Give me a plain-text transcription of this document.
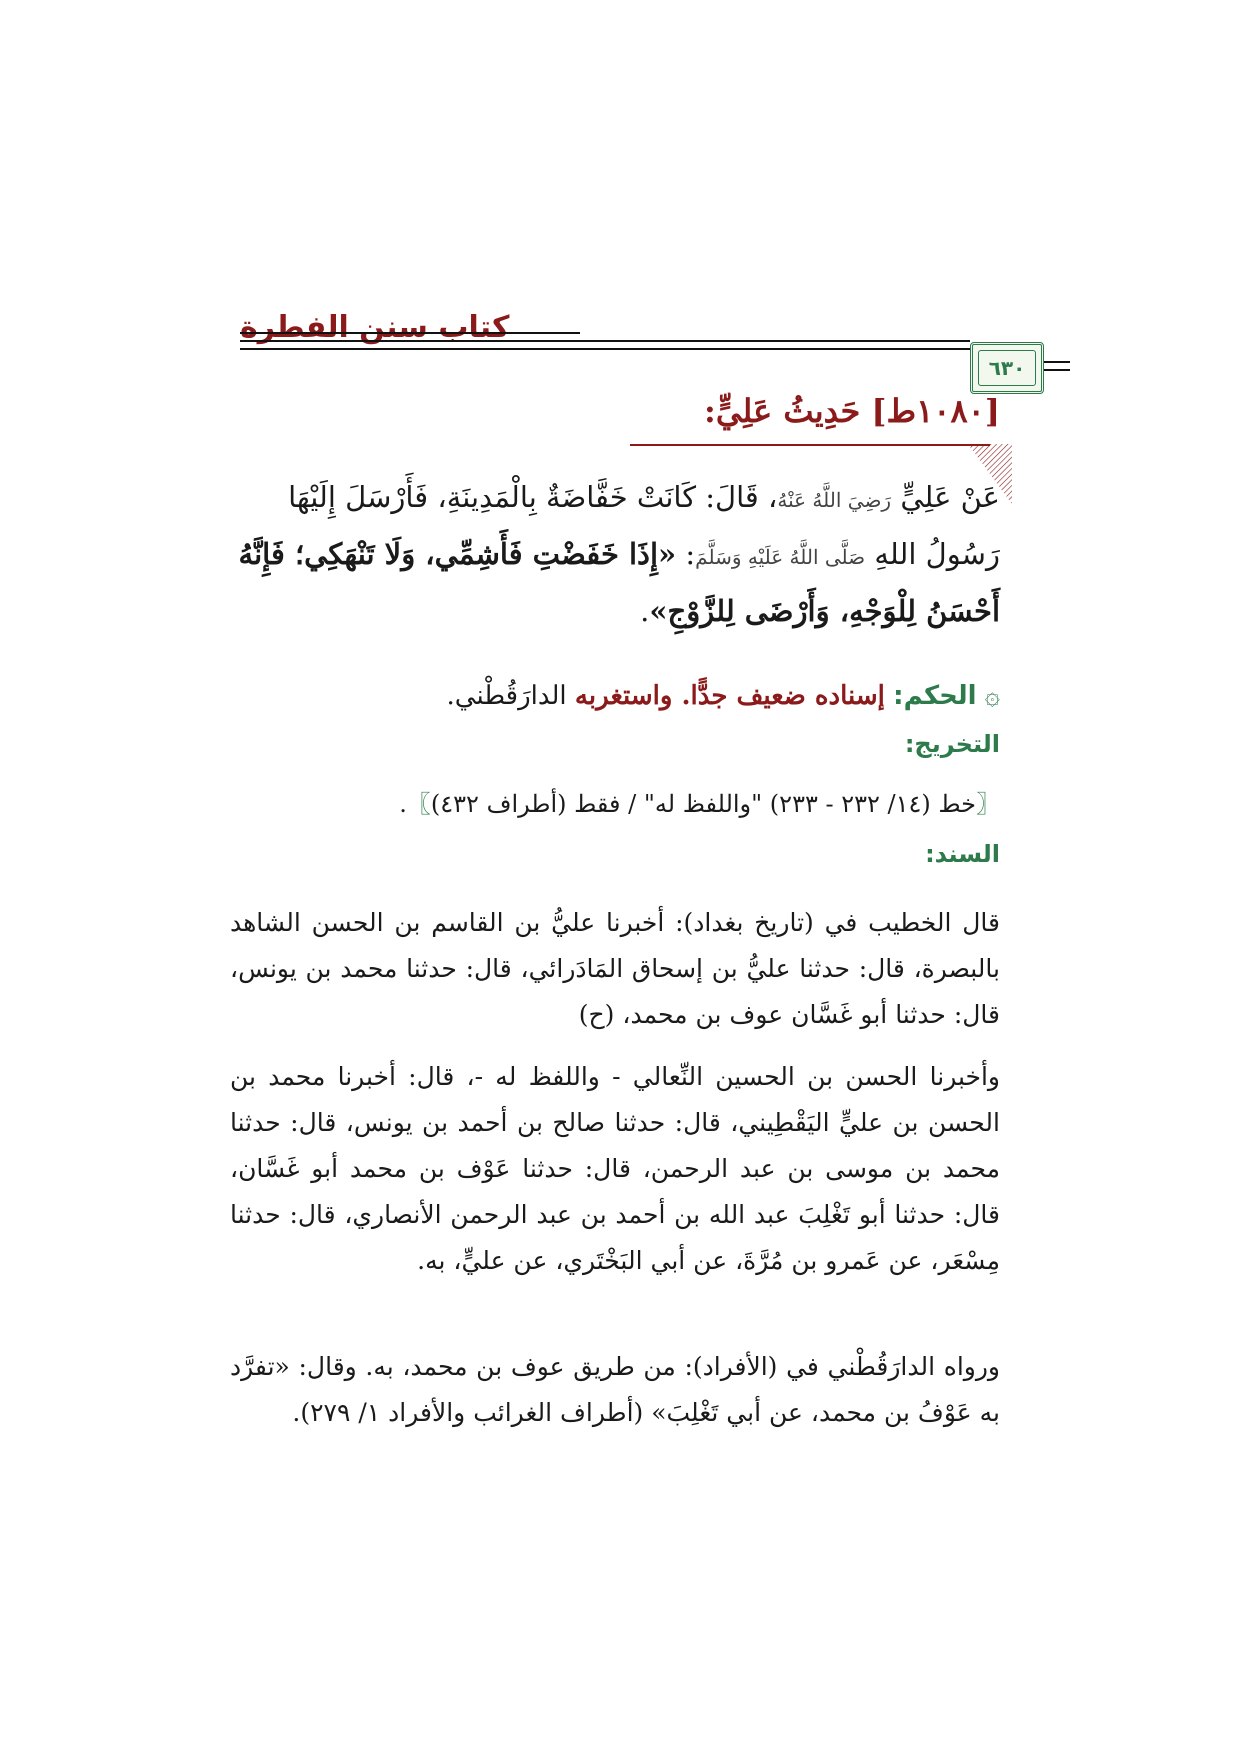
كتاب سنن الفطرة
٦٣٠
[١٠٨٠ط] حَدِيثُ عَلِيٍّ:
عَنْ عَلِيٍّ رَضِيَ اللَّهُ عَنْهُ، قَالَ: كَانَتْ خَفَّاضَةٌ بِالْمَدِينَةِ، فَأَرْسَلَ إِلَيْهَا رَسُولُ اللهِ صَلَّى اللَّهُ عَلَيْهِ وَسَلَّمَ: «إِذَا خَفَضْتِ فَأَشِمِّي، وَلَا تَنْهَكِي؛ فَإِنَّهُ أَحْسَنُ لِلْوَجْهِ، وَأَرْضَى لِلزَّوْجِ».
۞ الحكم: إسناده ضعيف جدًّا. واستغربه الدارَقُطْني.
التخريج:
〖خط (١٤/ ٢٣٢ - ٢٣٣) "واللفظ له" / فقط (أطراف ٤٣٢)〗.
السند:
قال الخطيب في (تاريخ بغداد): أخبرنا عليُّ بن القاسم بن الحسن الشاهد بالبصرة، قال: حدثنا عليُّ بن إسحاق المَادَرائي، قال: حدثنا محمد بن يونس، قال: حدثنا أبو غَسَّان عوف بن محمد، (ح)
وأخبرنا الحسن بن الحسين النِّعالي - واللفظ له -، قال: أخبرنا محمد بن الحسن بن عليٍّ اليَقْطِيني، قال: حدثنا صالح بن أحمد بن يونس، قال: حدثنا محمد بن موسى بن عبد الرحمن، قال: حدثنا عَوْف بن محمد أبو غَسَّان، قال: حدثنا أبو تَغْلِبَ عبد الله بن أحمد بن عبد الرحمن الأنصاري، قال: حدثنا مِسْعَر، عن عَمرو بن مُرَّةَ، عن أبي البَخْتَري، عن عليٍّ، به.
ورواه الدارَقُطْني في (الأفراد): من طريق عوف بن محمد، به. وقال: «تفرَّد به عَوْفُ بن محمد، عن أبي تَغْلِبَ» (أطراف الغرائب والأفراد ١/ ٢٧٩).
